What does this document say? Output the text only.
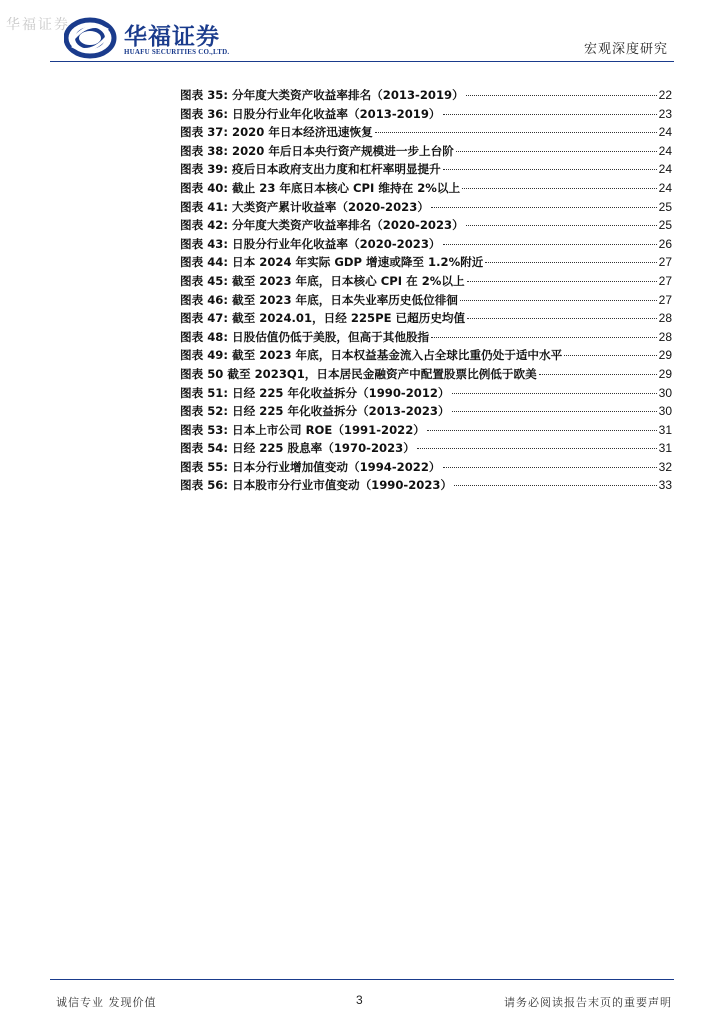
华福证券 华福证券
HUAFU SECURITIES CO.,LTD.	宏观深度研究
图表 35: 分年度大类资产收益率排名（2013-2019）	22
图表 36: 日股分行业年化收益率（2013-2019）	23
图表 37: 2020 年日本经济迅速恢复	24
图表 38: 2020 年后日本央行资产规模进一步上台阶	24
图表 39: 疫后日本政府支出力度和杠杆率明显提升	24
图表 40: 截止 23 年底日本核心 CPI 维持在 2%以上	24
图表 41: 大类资产累计收益率（2020-2023）	25
图表 42: 分年度大类资产收益率排名（2020-2023）	25
图表 43: 日股分行业年化收益率（2020-2023）	26
图表 44: 日本 2024 年实际 GDP 增速或降至 1.2%附近	27
图表 45: 截至 2023 年底，日本核心 CPI 在 2%以上	27
图表 46: 截至 2023 年底，日本失业率历史低位徘徊	27
图表 47: 截至 2024.01，日经 225PE 已超历史均值	28
图表 48: 日股估值仍低于美股，但高于其他股指	28
图表 49: 截至 2023 年底，日本权益基金流入占全球比重仍处于适中水平	29
图表 50 截至 2023Q1，日本居民金融资产中配置股票比例低于欧美	29
图表 51: 日经 225 年化收益拆分（1990-2012）	30
图表 52: 日经 225 年化收益拆分（2013-2023）	30
图表 53: 日本上市公司 ROE（1991-2022）	31
图表 54: 日经 225 股息率（1970-2023）	31
图表 55: 日本分行业增加值变动（1994-2022）	32
图表 56: 日本股市分行业市值变动（1990-2023）	33
诚信专业 发现价值	3	请务必阅读报告末页的重要声明
